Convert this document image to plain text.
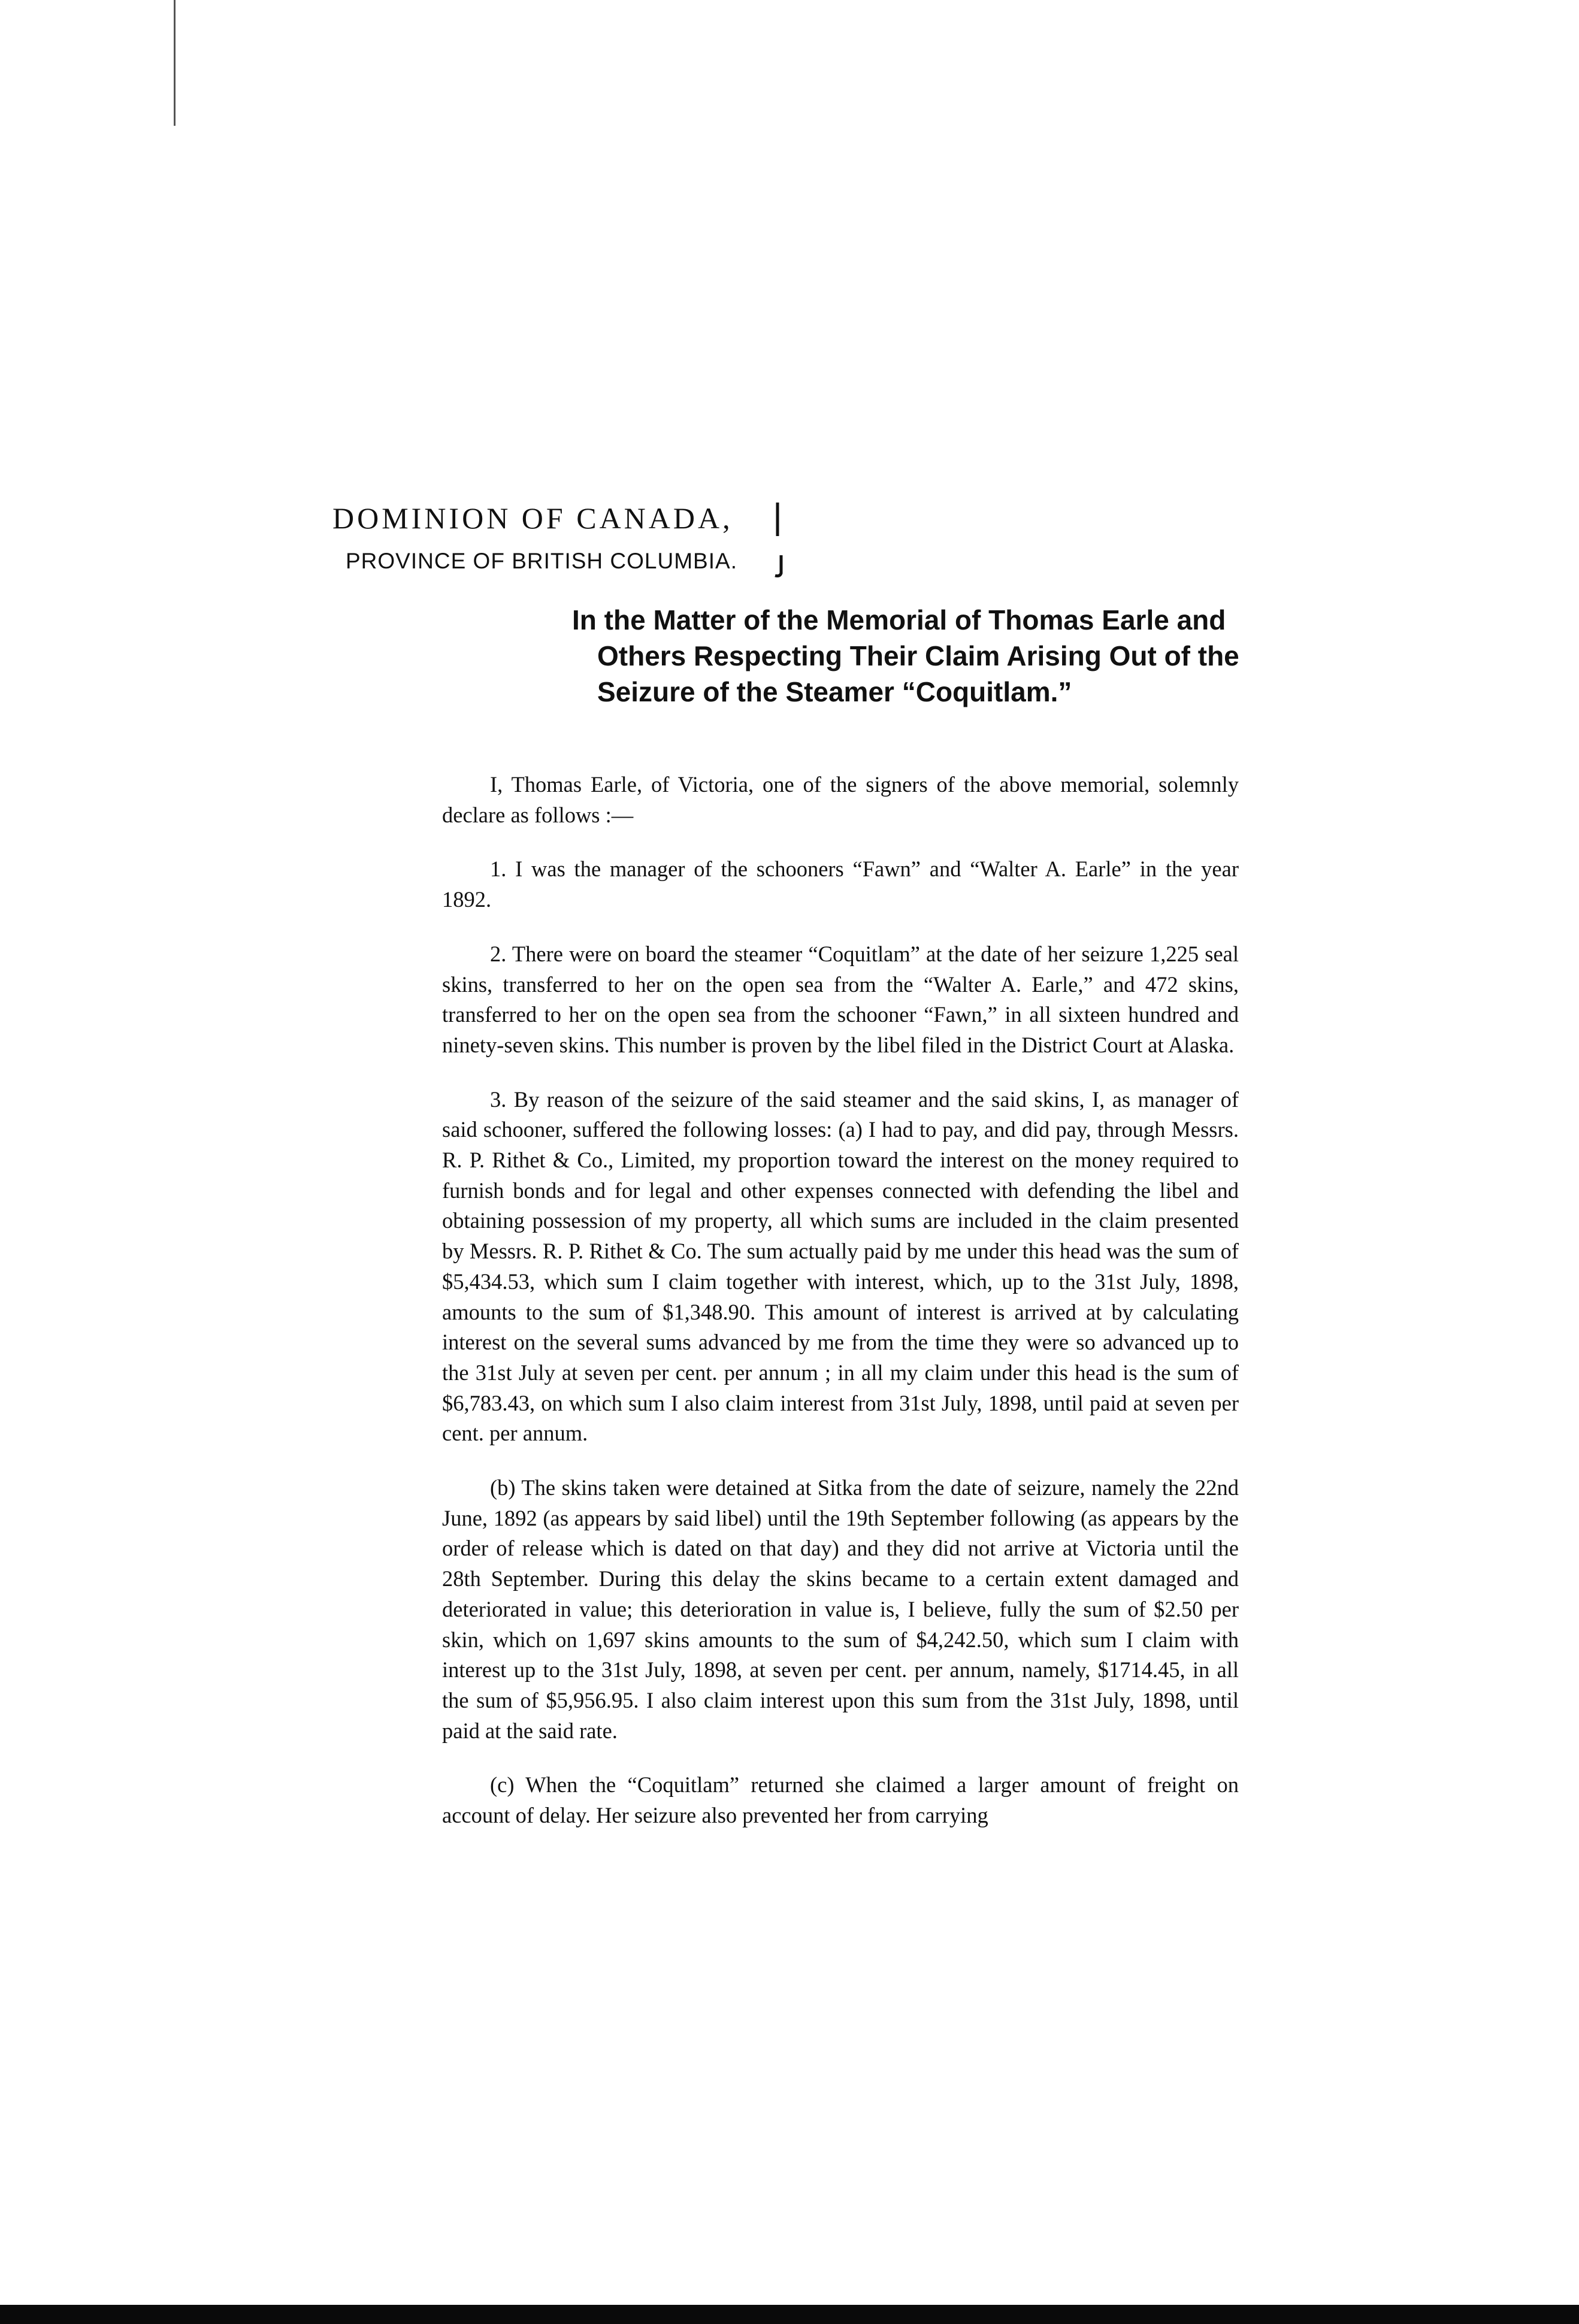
DOMINION OF CANADA,

PROVINCE OF BRITISH COLUMBIA.

In the Matter of the Memorial of Thomas Earle and Others Respecting Their Claim Arising Out of the Seizure of the Steamer “Coquitlam.”

I, Thomas Earle, of Victoria, one of the signers of the above memorial, solemnly declare as follows :—

1. I was the manager of the schooners “Fawn” and “Walter A. Earle” in the year 1892.

2. There were on board the steamer “Coquitlam” at the date of her seizure 1,225 seal skins, transferred to her on the open sea from the “Walter A. Earle,” and 472 skins, transferred to her on the open sea from the schooner “Fawn,” in all sixteen hundred and ninety-seven skins. This number is proven by the libel filed in the District Court at Alaska.

3. By reason of the seizure of the said steamer and the said skins, I, as manager of said schooner, suffered the following losses: (a) I had to pay, and did pay, through Messrs. R. P. Rithet & Co., Limited, my proportion toward the interest on the money required to furnish bonds and for legal and other expenses connected with defending the libel and obtaining possession of my property, all which sums are included in the claim presented by Messrs. R. P. Rithet & Co. The sum actually paid by me under this head was the sum of $5,434.53, which sum I claim together with interest, which, up to the 31st July, 1898, amounts to the sum of $1,348.90. This amount of interest is arrived at by calculating interest on the several sums advanced by me from the time they were so advanced up to the 31st July at seven per cent. per annum ; in all my claim under this head is the sum of $6,783.43, on which sum I also claim interest from 31st July, 1898, until paid at seven per cent. per annum.

(b) The skins taken were detained at Sitka from the date of seizure, namely the 22nd June, 1892 (as appears by said libel) until the 19th September following (as appears by the order of release which is dated on that day) and they did not arrive at Victoria until the 28th September. During this delay the skins became to a certain extent damaged and deteriorated in value; this deterioration in value is, I believe, fully the sum of $2.50 per skin, which on 1,697 skins amounts to the sum of $4,242.50, which sum I claim with interest up to the 31st July, 1898, at seven per cent. per annum, namely, $1714.45, in all the sum of $5,956.95. I also claim interest upon this sum from the 31st July, 1898, until paid at the said rate.

(c) When the “Coquitlam” returned she claimed a larger amount of freight on account of delay. Her seizure also prevented her from carrying
